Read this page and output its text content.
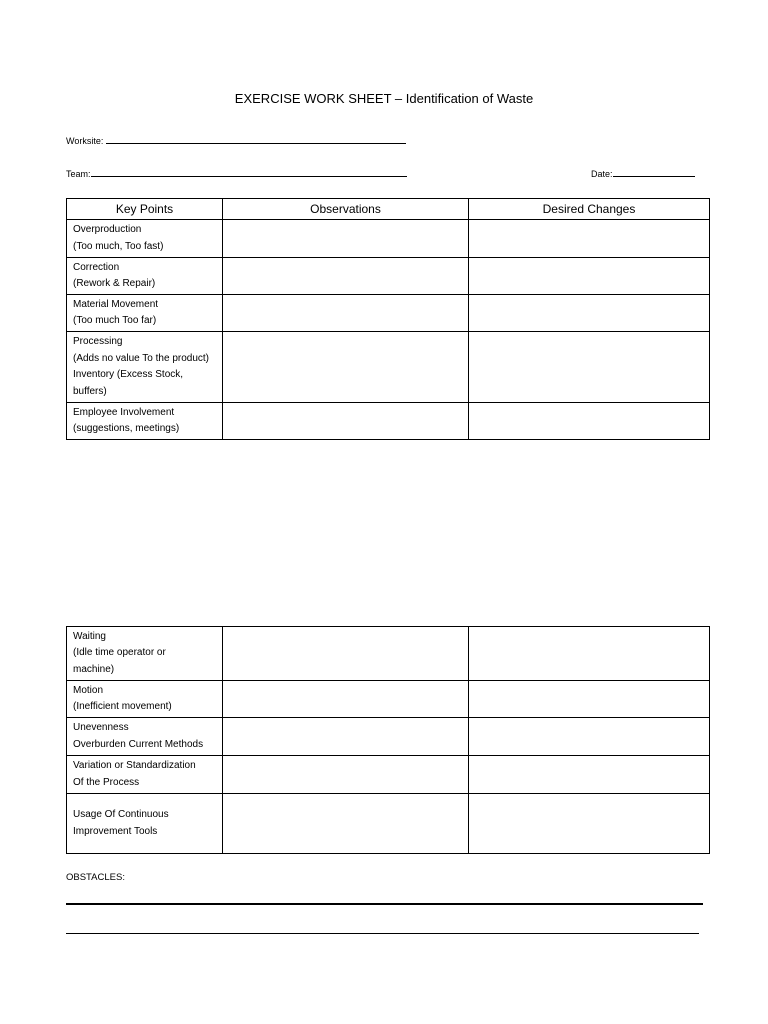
EXERCISE WORK SHEET – Identification of Waste
Worksite:
Team:	Date:
Key Points	Observations	Desired Changes

Overproduction
(Too much, Too fast)		

Correction
(Rework & Repair)		

Material Movement
(Too much Too far)		

Processing
(Adds no value To the product)
Inventory (Excess Stock,
buffers)		

Employee Involvement
(suggestions, meetings)		

Waiting
(Idle time operator or
machine)		

Motion
(Inefficient movement)		

Unevenness
Overburden Current Methods		

Variation or Standardization
Of the Process		

Usage Of Continuous
Improvement Tools		

OBSTACLES:
